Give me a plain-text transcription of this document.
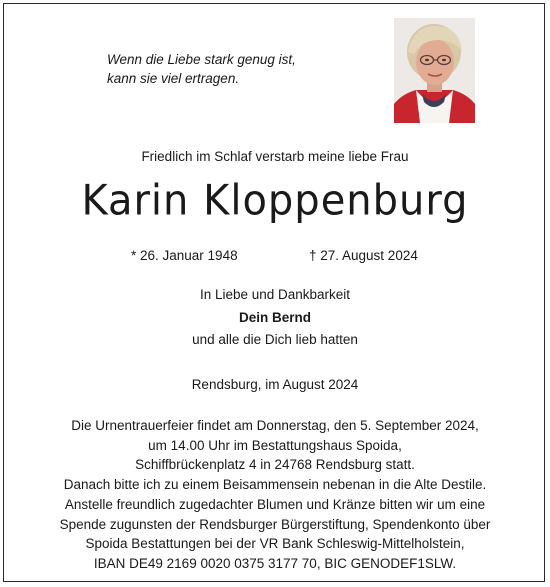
Wenn die Liebe stark genug ist,
kann sie viel ertragen.
Friedlich im Schlaf verstarb meine liebe Frau
Karin Kloppenburg
* 26. Januar 1948	† 27. August 2024
In Liebe und Dankbarkeit
Dein Bernd
und alle die Dich lieb hatten
Rendsburg, im August 2024
Die Urnentrauerfeier findet am Donnerstag, den 5. September 2024,
um 14.00 Uhr im Bestattungshaus Spoida,
Schiffbrückenplatz 4 in 24768 Rendsburg statt.
Danach bitte ich zu einem Beisammensein nebenan in die Alte Destile.
Anstelle freundlich zugedachter Blumen und Kränze bitten wir um eine
Spende zugunsten der Rendsburger Bürgerstiftung, Spendenkonto über
Spoida Bestattungen bei der VR Bank Schleswig-Mittelholstein,
IBAN DE49 2169 0020 0375 3177 70, BIC GENODEF1SLW.
